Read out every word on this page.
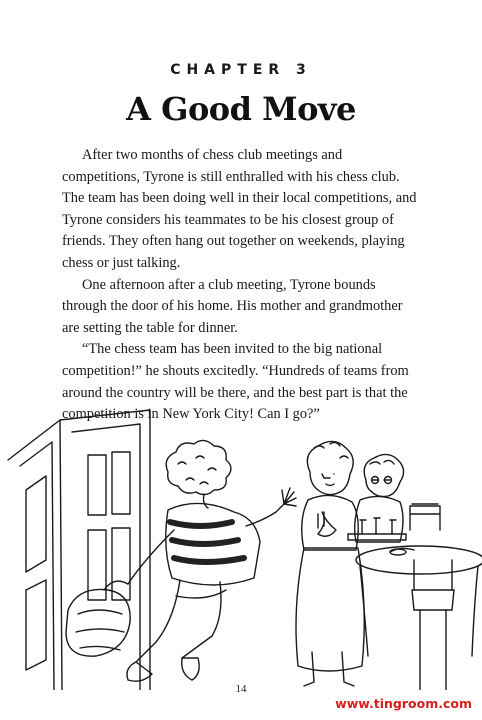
CHAPTER 3
A Good Move

After two months of chess club meetings and competitions, Tyrone is still enthralled with his chess club. The team has been doing well in their local competitions, and Tyrone considers his teammates to be his closest group of friends. They often hang out together on weekends, playing chess or just talking.

One afternoon after a club meeting, Tyrone bounds through the door of his home. His mother and grandmother are setting the table for dinner.

“The chess team has been invited to the big national competition!” he shouts excitedly. “Hundreds of teams from around the country will be there, and the best part is that the competition is in New York City! Can I go?”

14
www.tingroom.com
